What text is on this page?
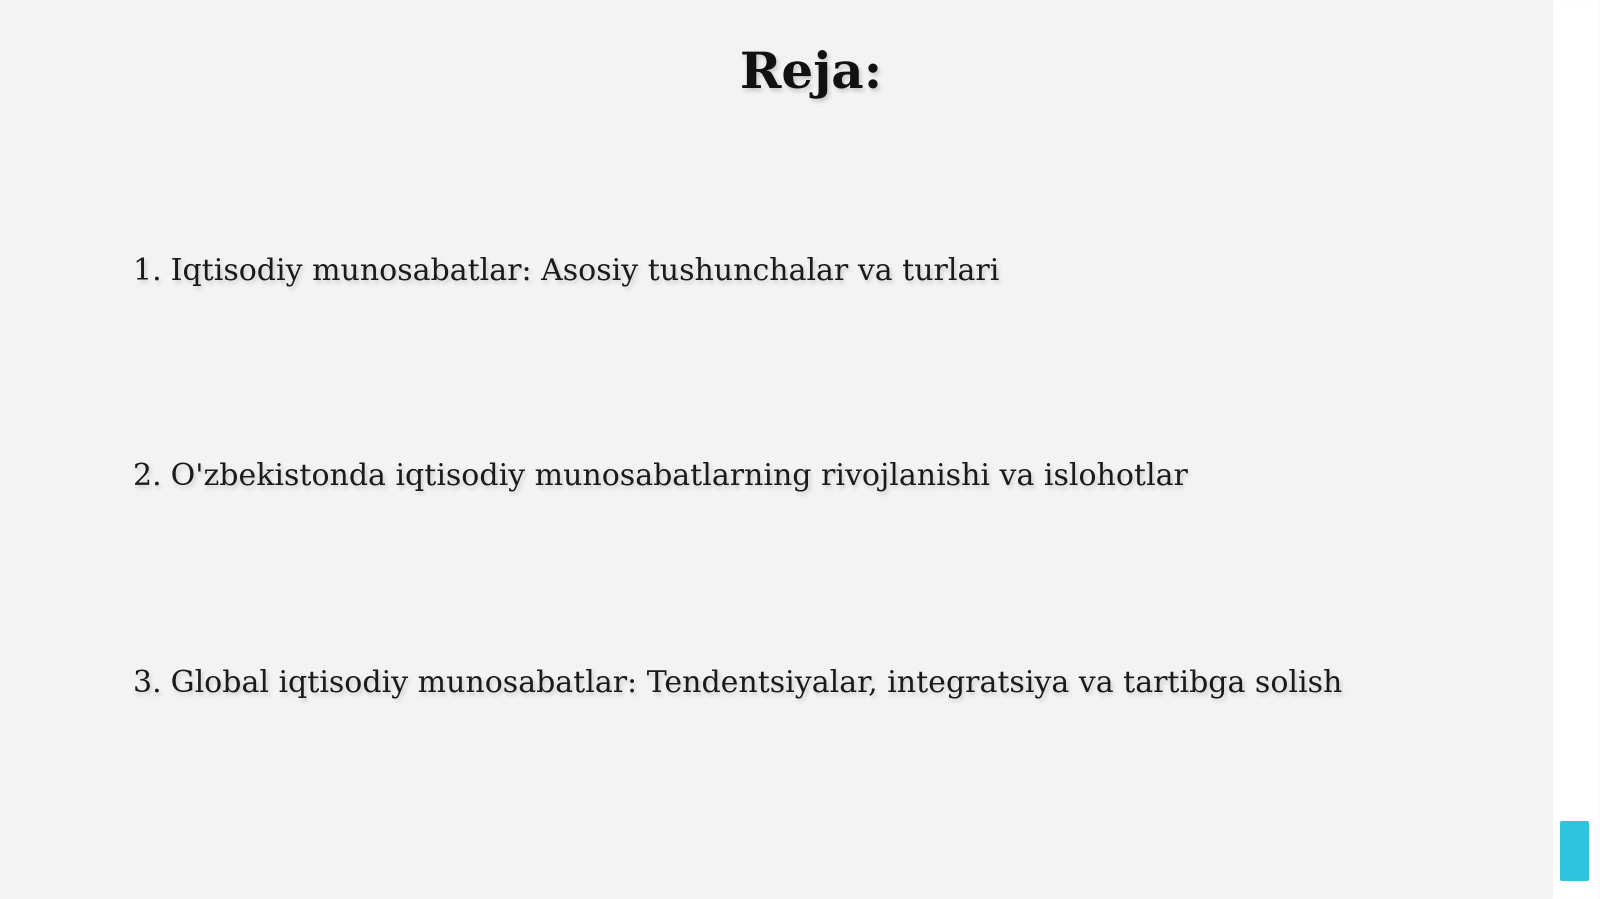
Reja:
1. Iqtisodiy munosabatlar: Asosiy tushunchalar va turlari
2. O'zbekistonda iqtisodiy munosabatlarning rivojlanishi va islohotlar
3. Global iqtisodiy munosabatlar: Tendentsiyalar, integratsiya va tartibga solish
